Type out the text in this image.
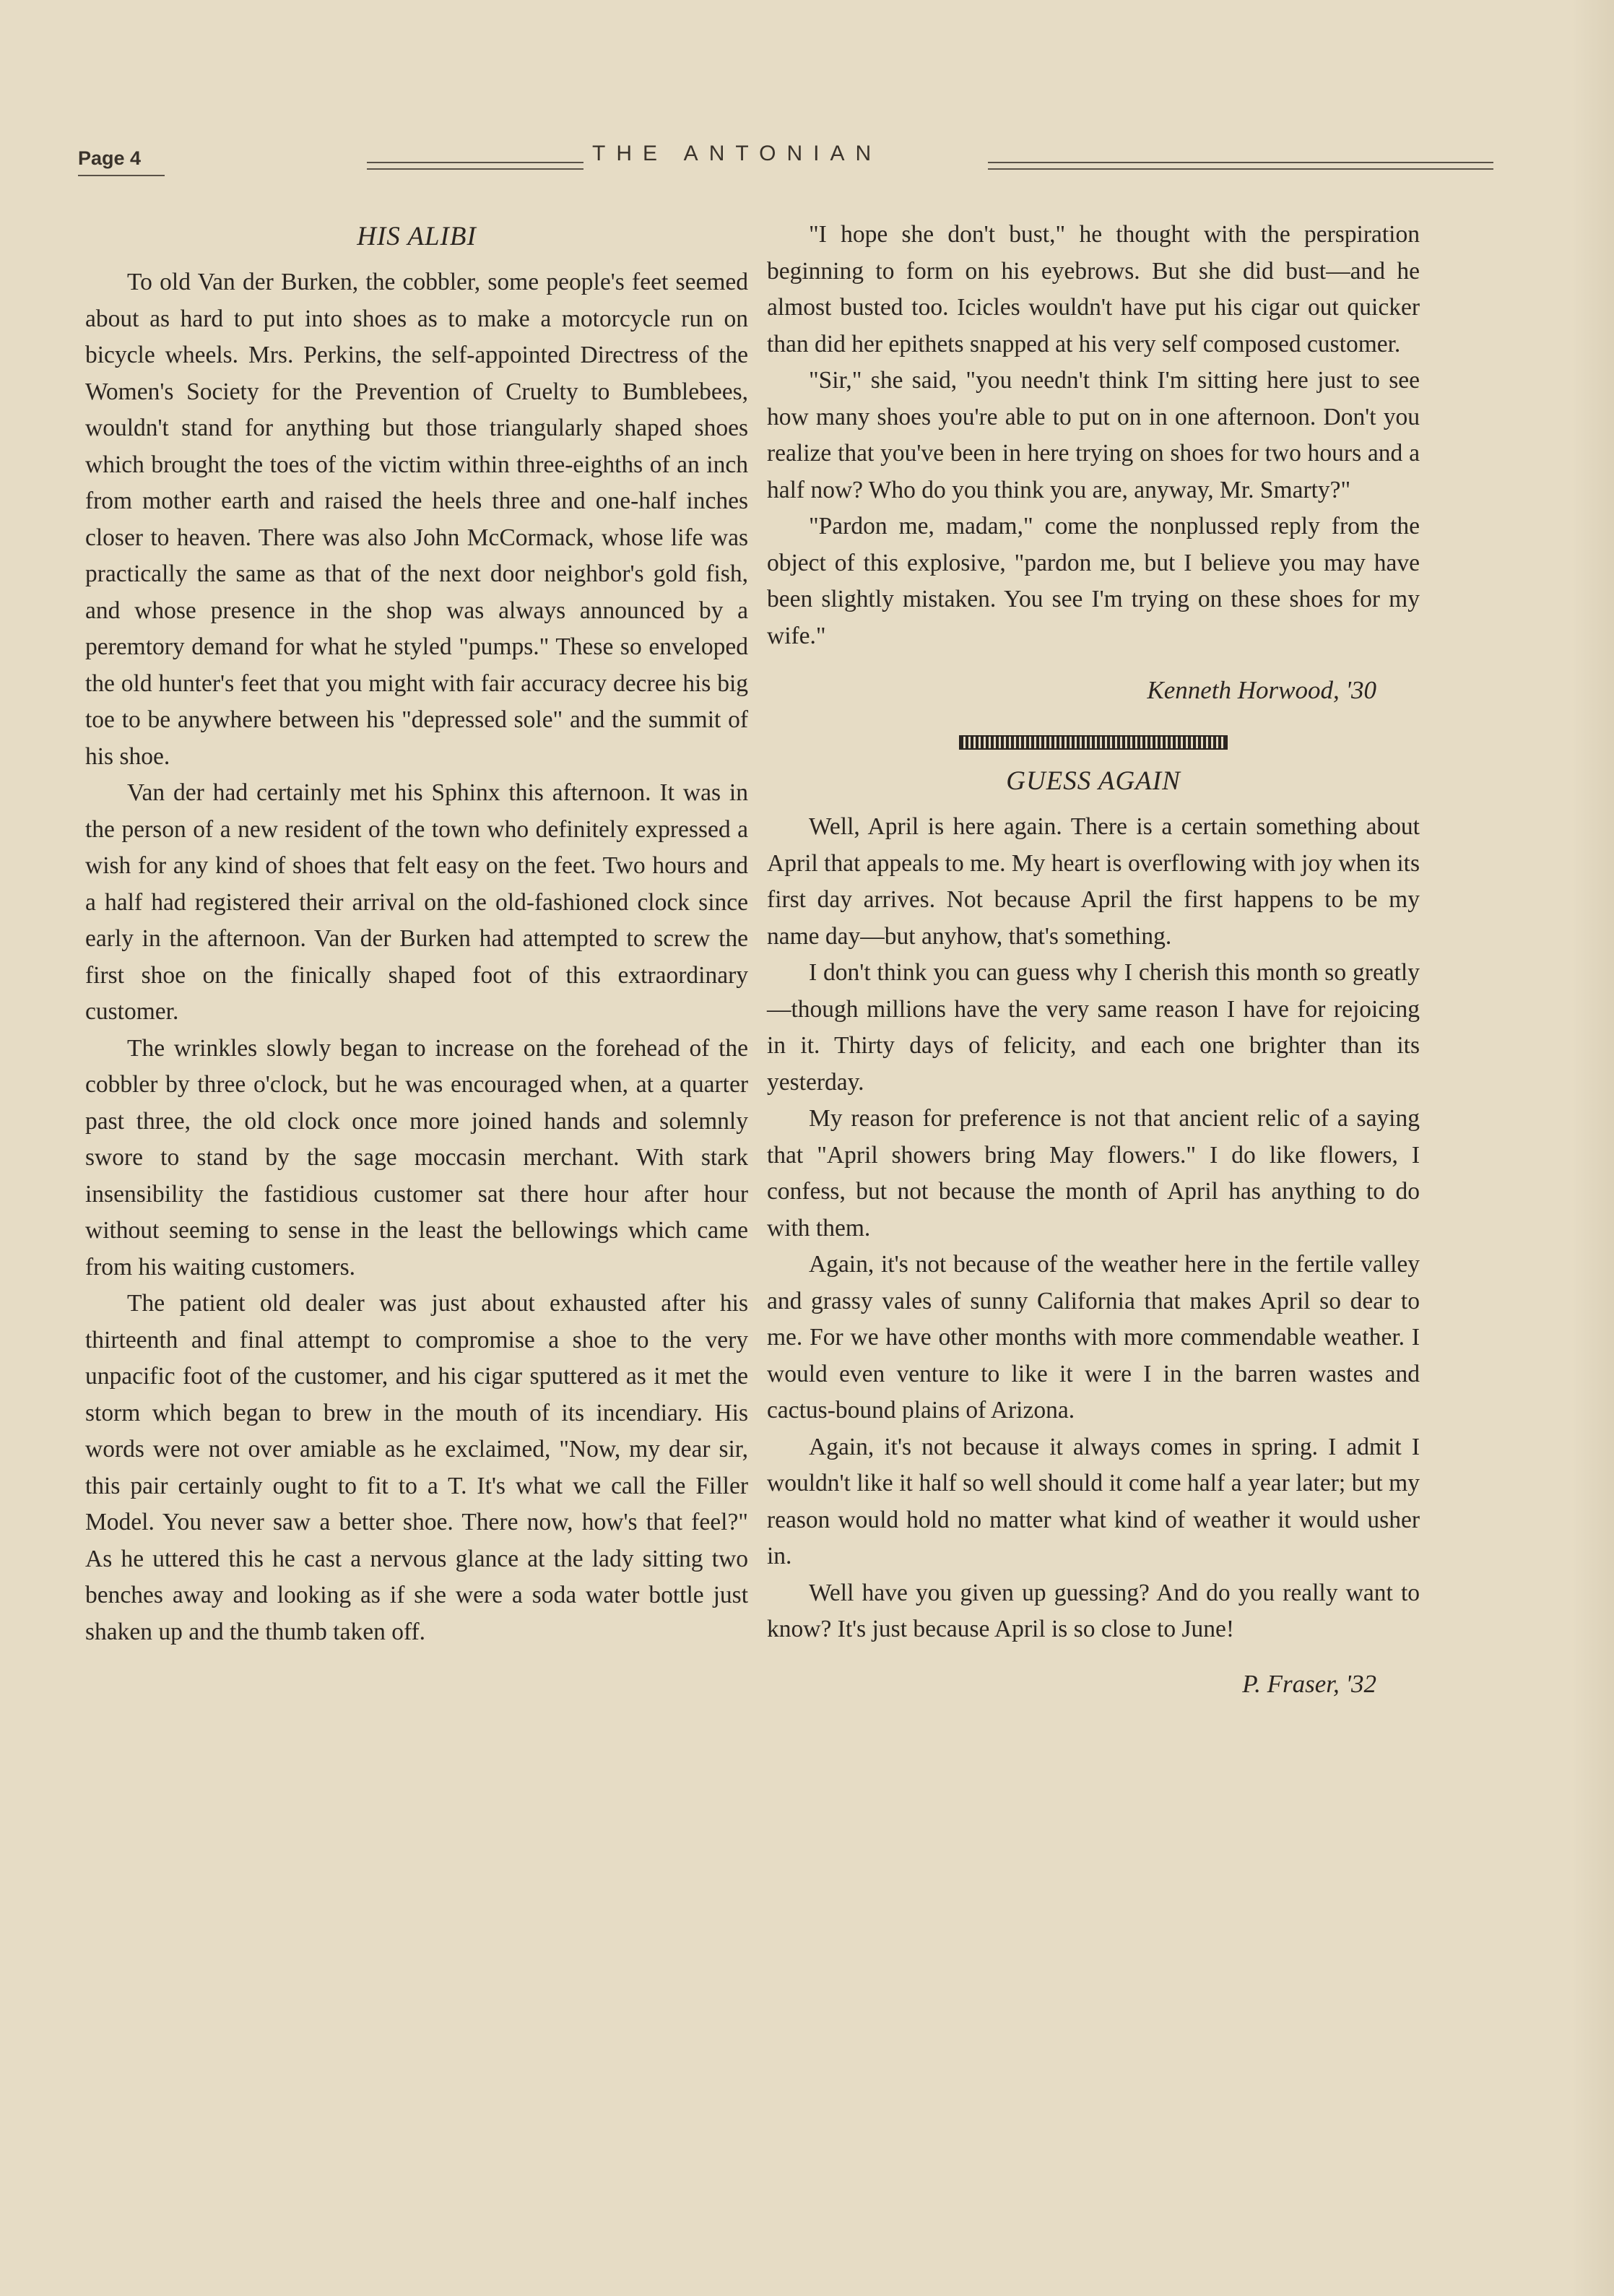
Page 4	THE ANTONIAN
HIS ALIBI

To old Van der Burken, the cobbler, some people's feet seemed about as hard to put into shoes as to make a motorcycle run on bicycle wheels. Mrs. Perkins, the self-appointed Directress of the Women's Society for the Prevention of Cruelty to Bumblebees, wouldn't stand for anything but those triangularly shaped shoes which brought the toes of the victim within three-eighths of an inch from mother earth and raised the heels three and one-half inches closer to heaven. There was also John McCormack, whose life was practically the same as that of the next door neighbor's gold fish, and whose presence in the shop was always announced by a peremtory demand for what he styled "pumps." These so enveloped the old hunter's feet that you might with fair accuracy decree his big toe to be anywhere between his "depressed sole" and the summit of his shoe.

Van der had certainly met his Sphinx this afternoon. It was in the person of a new resident of the town who definitely expressed a wish for any kind of shoes that felt easy on the feet. Two hours and a half had registered their arrival on the old-fashioned clock since early in the afternoon. Van der Burken had attempted to screw the first shoe on the finically shaped foot of this extraordinary customer.

The wrinkles slowly began to increase on the forehead of the cobbler by three o'clock, but he was encouraged when, at a quarter past three, the old clock once more joined hands and solemnly swore to stand by the sage moccasin merchant. With stark insensibility the fastidious customer sat there hour after hour without seeming to sense in the least the bellowings which came from his waiting customers.

The patient old dealer was just about exhausted after his thirteenth and final attempt to compromise a shoe to the very unpacific foot of the customer, and his cigar sputtered as it met the storm which began to brew in the mouth of its incendiary. His words were not over amiable as he exclaimed, "Now, my dear sir, this pair certainly ought to fit to a T. It's what we call the Filler Model. You never saw a better shoe. There now, how's that feel?" As he uttered this he cast a nervous glance at the lady sitting two benches away and looking as if she were a soda water bottle just shaken up and the thumb taken off.

"I hope she don't bust," he thought with the perspiration beginning to form on his eyebrows. But she did bust—and he almost busted too. Icicles wouldn't have put his cigar out quicker than did her epithets snapped at his very self composed customer.

"Sir," she said, "you needn't think I'm sitting here just to see how many shoes you're able to put on in one afternoon. Don't you realize that you've been in here trying on shoes for two hours and a half now? Who do you think you are, anyway, Mr. Smarty?"

"Pardon me, madam," come the nonplussed reply from the object of this explosive, "pardon me, but I believe you may have been slightly mistaken. You see I'm trying on these shoes for my wife."

Kenneth Horwood, '30
GUESS AGAIN

Well, April is here again. There is a certain something about April that appeals to me. My heart is overflowing with joy when its first day arrives. Not because April the first happens to be my name day—but anyhow, that's something.

I don't think you can guess why I cherish this month so greatly—though millions have the very same reason I have for rejoicing in it. Thirty days of felicity, and each one brighter than its yesterday.

My reason for preference is not that ancient relic of a saying that "April showers bring May flowers." I do like flowers, I confess, but not because the month of April has anything to do with them.

Again, it's not because of the weather here in the fertile valley and grassy vales of sunny California that makes April so dear to me. For we have other months with more commendable weather. I would even venture to like it were I in the barren wastes and cactus-bound plains of Arizona.

Again, it's not because it always comes in spring. I admit I wouldn't like it half so well should it come half a year later; but my reason would hold no matter what kind of weather it would usher in.

Well have you given up guessing? And do you really want to know? It's just because April is so close to June!

P. Fraser, '32
